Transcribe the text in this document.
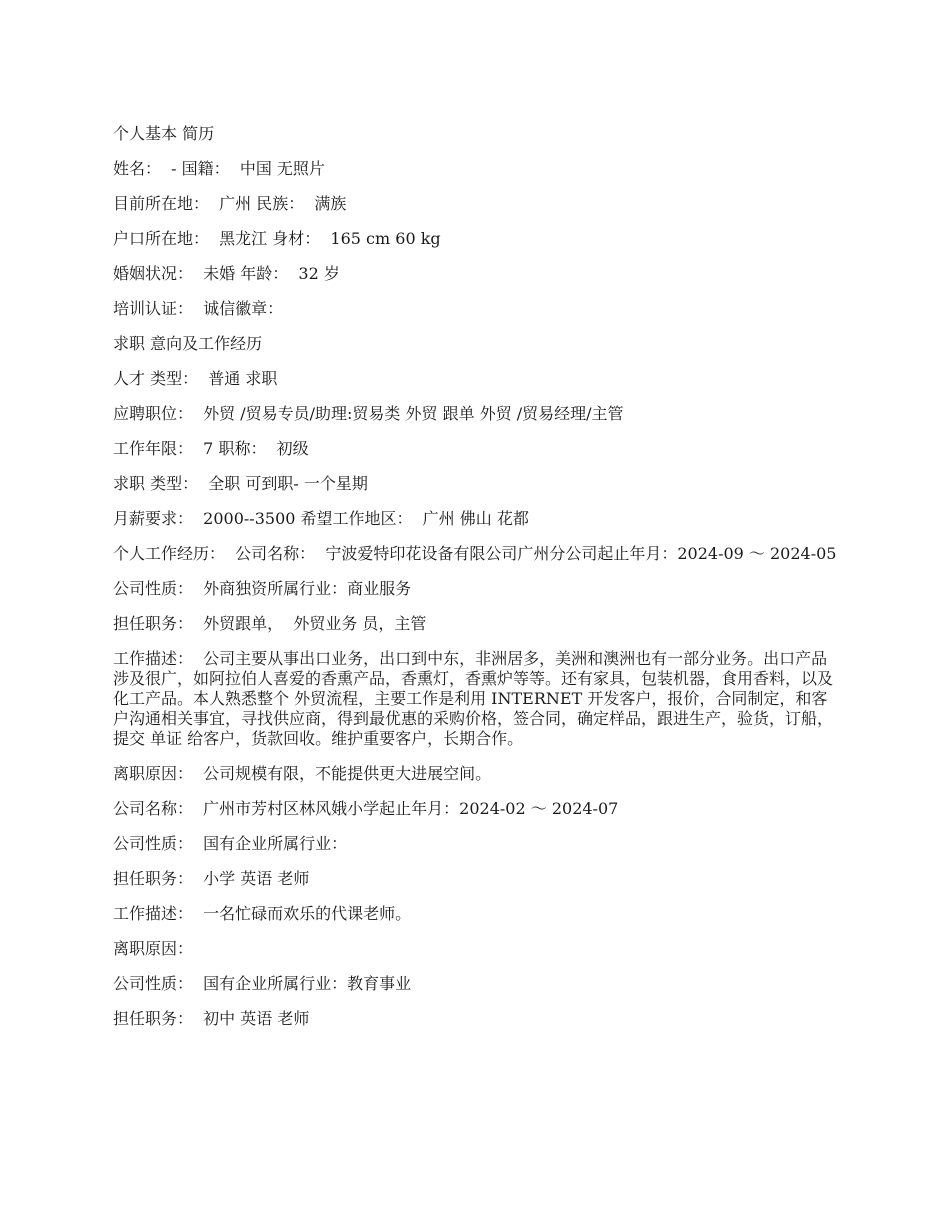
个人基本 简历

姓名：  - 国籍：  中国 无照片

目前所在地：  广州 民族：  满族

户口所在地：  黑龙江 身材：  165 cm 60 kg

婚姻状况：  未婚 年龄：  32 岁

培训认证：  诚信徽章：

求职 意向及工作经历

人才 类型：  普通 求职

应聘职位：  外贸 /贸易专员/助理:贸易类 外贸 跟单 外贸 /贸易经理/主管

工作年限：  7 职称：  初级

求职 类型：  全职 可到职- 一个星期

月薪要求：  2000--3500 希望工作地区：  广州 佛山 花都

个人工作经历：  公司名称：  宁波爱特印花设备有限公司广州分公司起止年月：2024-09 ～ 2024-05

公司性质：  外商独资所属行业：商业服务

担任职务：  外贸跟单，  外贸业务 员，主管

工作描述：  公司主要从事出口业务，出口到中东，非洲居多，美洲和澳洲也有一部分业务。出口产品涉及很广，如阿拉伯人喜爱的香熏产品，香熏灯，香熏炉等等。还有家具，包装机器，食用香料，以及化工产品。本人熟悉整个 外贸流程，主要工作是利用 INTERNET 开发客户，报价，合同制定，和客户沟通相关事宜，寻找供应商，得到最优惠的采购价格，签合同，确定样品，跟进生产，验货，订船，提交 单证 给客户，货款回收。维护重要客户，长期合作。

离职原因：  公司规模有限，不能提供更大进展空间。

公司名称：  广州市芳村区林风娥小学起止年月：2024-02 ～ 2024-07

公司性质：  国有企业所属行业：

担任职务：  小学 英语 老师

工作描述：  一名忙碌而欢乐的代课老师。

离职原因：

公司性质：  国有企业所属行业：教育事业

担任职务：  初中 英语 老师
